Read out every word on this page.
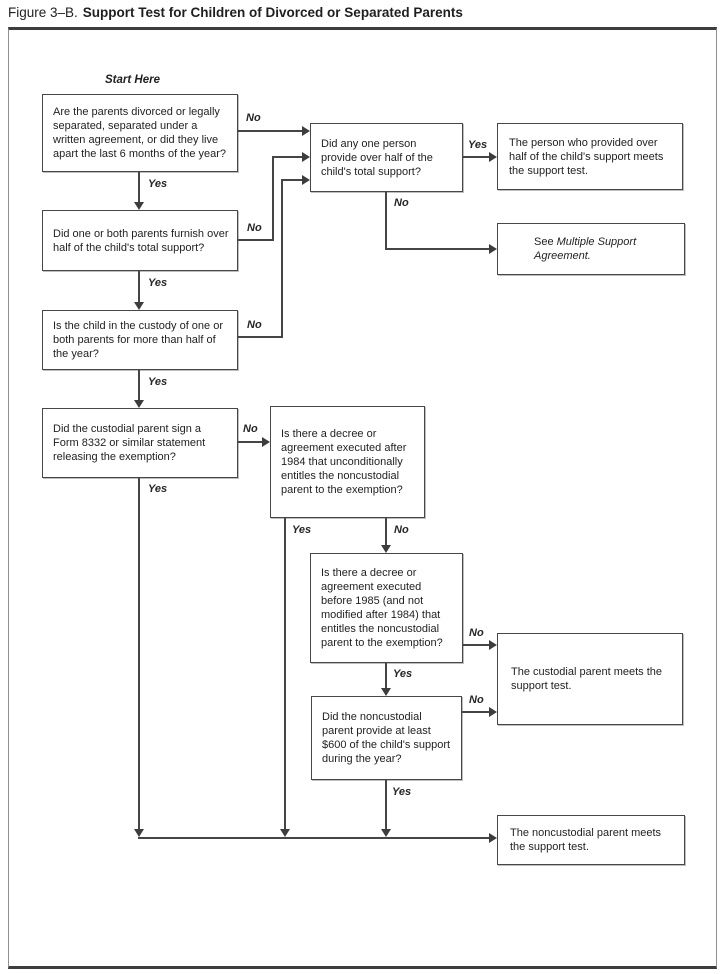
Figure 3–B. Support Test for Children of Divorced or Separated Parents
Start Here
Are the parents divorced or legally separated, separated under a written agreement, or did they live apart the last 6 months of the year?
Did one or both parents furnish over half of the child's total support?
Is the child in the custody of one or both parents for more than half of the year?
Did the custodial parent sign a Form 8332 or similar statement releasing the exemption?
Did any one person provide over half of the child's total support?
The person who provided over half of the child's support meets the support test.
See Multiple Support Agreement.
Is there a decree or agreement executed after 1984 that unconditionally entitles the noncustodial parent to the exemption?
Is there a decree or agreement executed before 1985 (and not modified after 1984) that entitles the noncustodial parent to the exemption?
Did the noncustodial parent provide at least $600 of the child's support during the year?
The custodial parent meets the support test.
The noncustodial parent meets the support test.
Yes
Yes
Yes
Yes
No
No
No
No
Yes
No
Yes	No
Yes
No
No
Yes
